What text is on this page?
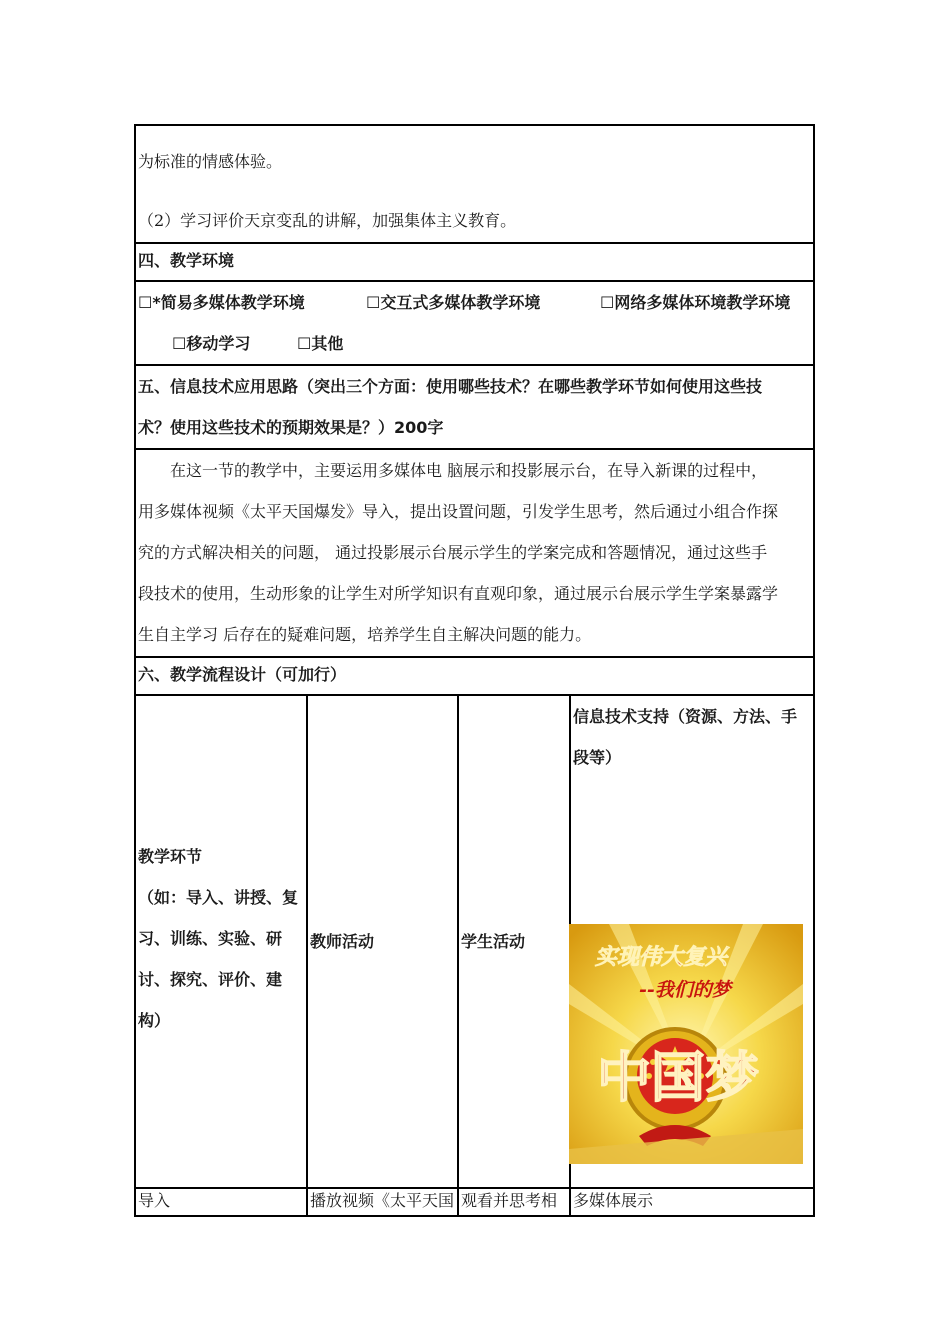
为标准的情感体验。
（2）学习评价天京变乱的讲解，加强集体主义教育。			

四、教学环境			

☐*简易多媒体教学环境 ☐交互式多媒体教学环境 ☐网络多媒体环境教学环境
☐移动学习 ☐其他			

五、信息技术应用思路（突出三个方面：使用哪些技术？在哪些教学环节如何使用这些技
术？使用这些技术的预期效果是？）200字			

在这一节的教学中，主要运用多媒体电 脑展示和投影展示台，在导入新课的过程中，
用多媒体视频《太平天国爆发》导入，提出设置问题，引发学生思考，然后通过小组合作探
究的方式解决相关的问题， 通过投影展示台展示学生的学案完成和答题情况，通过这些手
段技术的使用，生动形象的让学生对所学知识有直观印象，通过展示台展示学生学案暴露学
生自主学习 后存在的疑难问题，培养学生自主解决问题的能力。			

六、教学流程设计（可加行）			

教学环节
（如：导入、讲授、复
习、训练、实验、研
讨、探究、评价、建
构）	教师活动	学生活动	信息技术支持（资源、方法、手
段等）
实现伟大复兴
--我们的梦
中国梦

导入	播放视频《太平天国	观看并思考相	多媒体展示
